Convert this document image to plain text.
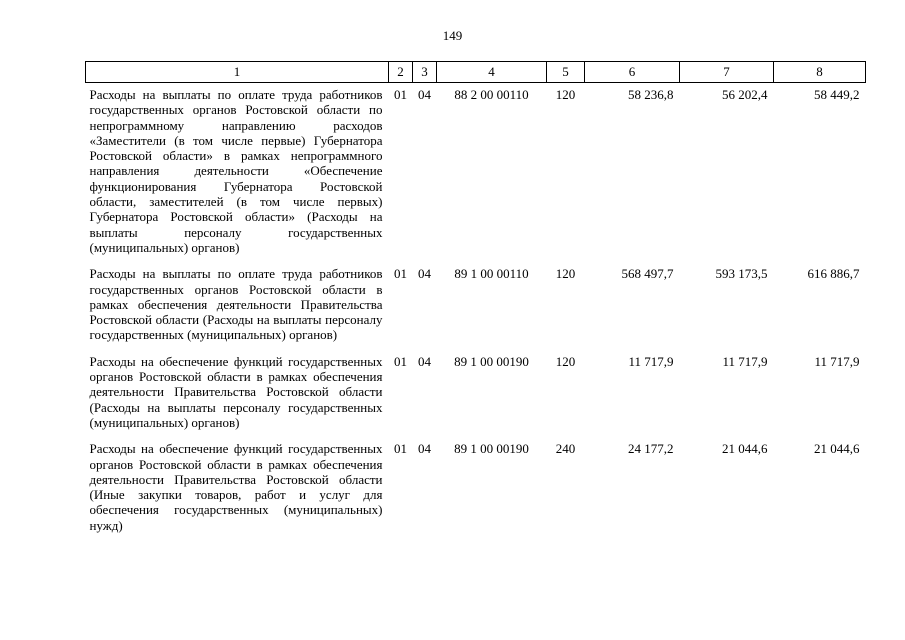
149
1	2	3	4	5	6	7	8
Расходы на выплаты по оплате труда работников государственных органов Ростовской области по непрограммному направлению расходов «Заместители (в том числе первые) Губернатора Ростовской области» в рамках непрограммного направления деятельности «Обеспечение функционирования Губернатора Ростовской области, заместителей (в том числе первых) Губернатора Ростовской области» (Расходы на выплаты персоналу государственных (муниципальных) органов)	01	04	88 2 00 00110	120	58 236,8	56 202,4	58 449,2
Расходы на выплаты по оплате труда работников государственных органов Ростовской области в рамках обеспечения деятельности Правительства Ростовской области (Расходы на выплаты персоналу государственных (муниципальных) органов)	01	04	89 1 00 00110	120	568 497,7	593 173,5	616 886,7
Расходы на обеспечение функций государственных органов Ростовской области в рамках обеспечения деятельности Правительства Ростовской области (Расходы на выплаты персоналу государственных (муниципальных) органов)	01	04	89 1 00 00190	120	11 717,9	11 717,9	11 717,9
Расходы на обеспечение функций государственных органов Ростовской области в рамках обеспечения деятельности Правительства Ростовской области (Иные закупки товаров, работ и услуг для обеспечения государственных (муниципальных) нужд)	01	04	89 1 00 00190	240	24 177,2	21 044,6	21 044,6
